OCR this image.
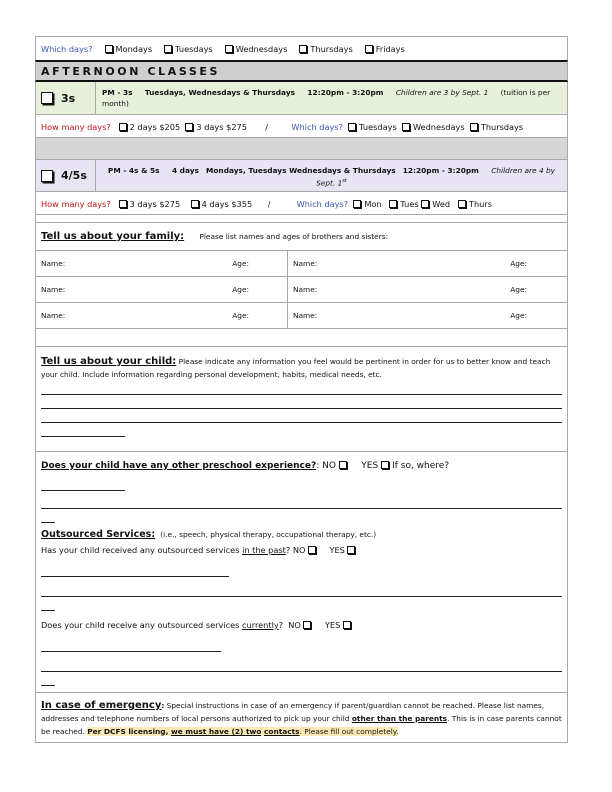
Which days?	Mondays	Tuesdays	Wednesdays	Thursdays	Fridays
AFTERNOON CLASSES
3s	PM - 3s Tuesdays, Wednesdays & Thursdays 12:20pm - 3:20pm Children are 3 by Sept. 1 (tuition is per month)
How many days? 2 days $205 3 days $275 /	Which days? Tuesdays Wednesdays Thursdays
4/5s	PM - 4s & 5s 4 days Mondays, Tuesdays Wednesdays & Thursdays 12:20pm - 3:20pm Children are 4 by Sept. 1st
How many days? 3 days $275	4 days $355 /	Which days? Mon Tues Wed Thurs
Tell us about your family:
Please list names and ages of brothers and sisters:
Name:	Age:	Name:	Age:
Name:	Age:	Name:	Age:
Name:	Age:	Name:	Age:
Tell us about your child: Please indicate any information you feel would be pertinent in order for us to better know and teach your child. Include information regarding personal development, habits, medical needs, etc.
Does your child have any other preschool experience?: NO	YES If so, where?
Outsourced Services: (i.e., speech, physical therapy, occupational therapy, etc.)
Has your child received any outsourced services in the past? NO	YES
Does your child receive any outsourced services currently? NO	YES
In case of emergency: Special instructions in case of an emergency if parent/guardian cannot be reached. Please list names, addresses and telephone numbers of local persons authorized to pick up your child other than the parents. This is in case parents cannot be reached. Per DCFS licensing, we must have (2) two contacts. Please fill out completely.
